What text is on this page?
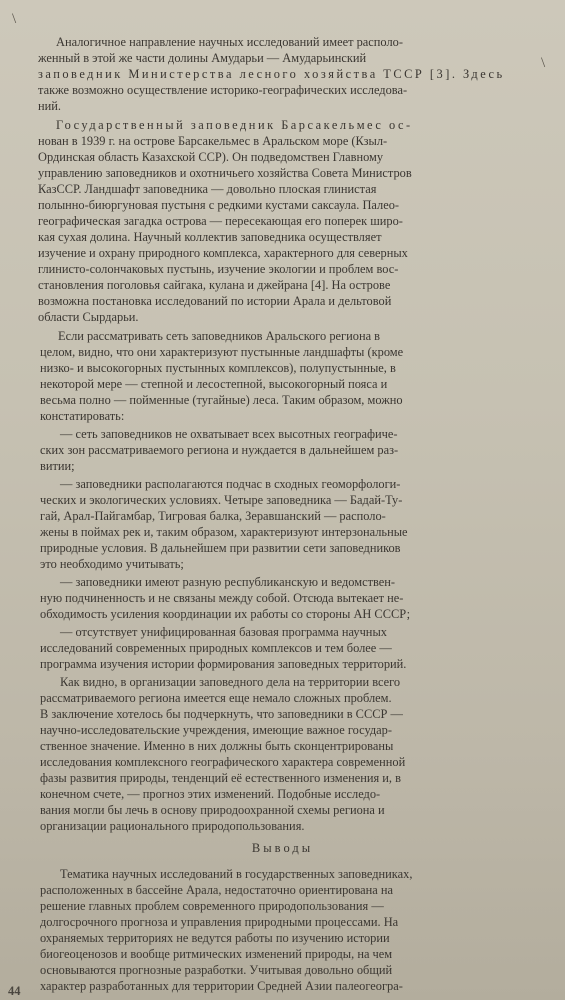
\
\
Аналогичное направление научных исследований имеет располо-
женный в этой же части долины Амударьи — Амударьинский
заповедник Министерства лесного хозяйства ТССР [3]. Здесь
также возможно осуществление историко-географических исследова-
ний.
Государственный заповедник Барсакельмес ос-
нован в 1939 г. на острове Барсакельмес в Аральском море (Кзыл-
Ординская область Казахской ССР). Он подведомствен Главному
управлению заповедников и охотничьего хозяйства Совета Министров
КазССР. Ландшафт заповедника — довольно плоская глинистая
полынно-биюргуновая пустыня с редкими кустами саксаула. Палео-
географическая загадка острова — пересекающая его поперек широ-
кая сухая долина. Научный коллектив заповедника осуществляет
изучение и охрану природного комплекса, характерного для северных
глинисто-солончаковых пустынь, изучение экологии и проблем вос-
становления поголовья сайгака, кулана и джейрана [4]. На острове
возможна постановка исследований по истории Арала и дельтовой
области Сырдарьи.
Если рассматривать сеть заповедников Аральского региона в
целом, видно, что они характеризуют пустынные ландшафты (кроме
низко- и высокогорных пустынных комплексов), полупустынные, в
некоторой мере — степной и лесостепной, высокогорный пояса и
весьма полно — пойменные (тугайные) леса. Таким образом, можно
констатировать:
— сеть заповедников не охватывает всех высотных географиче-
ских зон рассматриваемого региона и нуждается в дальнейшем раз-
витии;
— заповедники располагаются подчас в сходных геоморфологи-
ческих и экологических условиях. Четыре заповедника — Бадай-Ту-
гай, Арал-Пайгамбар, Тигровая балка, Зеравшанский — располо-
жены в поймах рек и, таким образом, характеризуют интерзональные
природные условия. В дальнейшем при развитии сети заповедников
это необходимо учитывать;
— заповедники имеют разную республиканскую и ведомствен-
ную подчиненность и не связаны между собой. Отсюда вытекает не-
обходимость усиления координации их работы со стороны АН СССР;
— отсутствует унифицированная базовая программа научных
исследований современных природных комплексов и тем более —
программа изучения истории формирования заповедных территорий.
Как видно, в организации заповедного дела на территории всего
рассматриваемого региона имеется еще немало сложных проблем.
В заключение хотелось бы подчеркнуть, что заповедники в СССР —
научно-исследовательские учреждения, имеющие важное государ-
ственное значение. Именно в них должны быть сконцентрированы
исследования комплексного географического характера современной
фазы развития природы, тенденций её естественного изменения и, в
конечном счете, — прогноз этих изменений. Подобные исследо-
вания могли бы лечь в основу природоохранной схемы региона и
организации рационального природопользования.
Выводы
Тематика научных исследований в государственных заповедниках,
расположенных в бассейне Арала, недостаточно ориентирована на
решение главных проблем современного природопользования —
долгосрочного прогноза и управления природными процессами. На
охраняемых территориях не ведутся работы по изучению истории
биогеоценозов и вообще ритмических изменений природы, на чем
основываются прогнозные разработки. Учитывая довольно общий
характер разработанных для территории Средней Азии палеогеогра-
44
